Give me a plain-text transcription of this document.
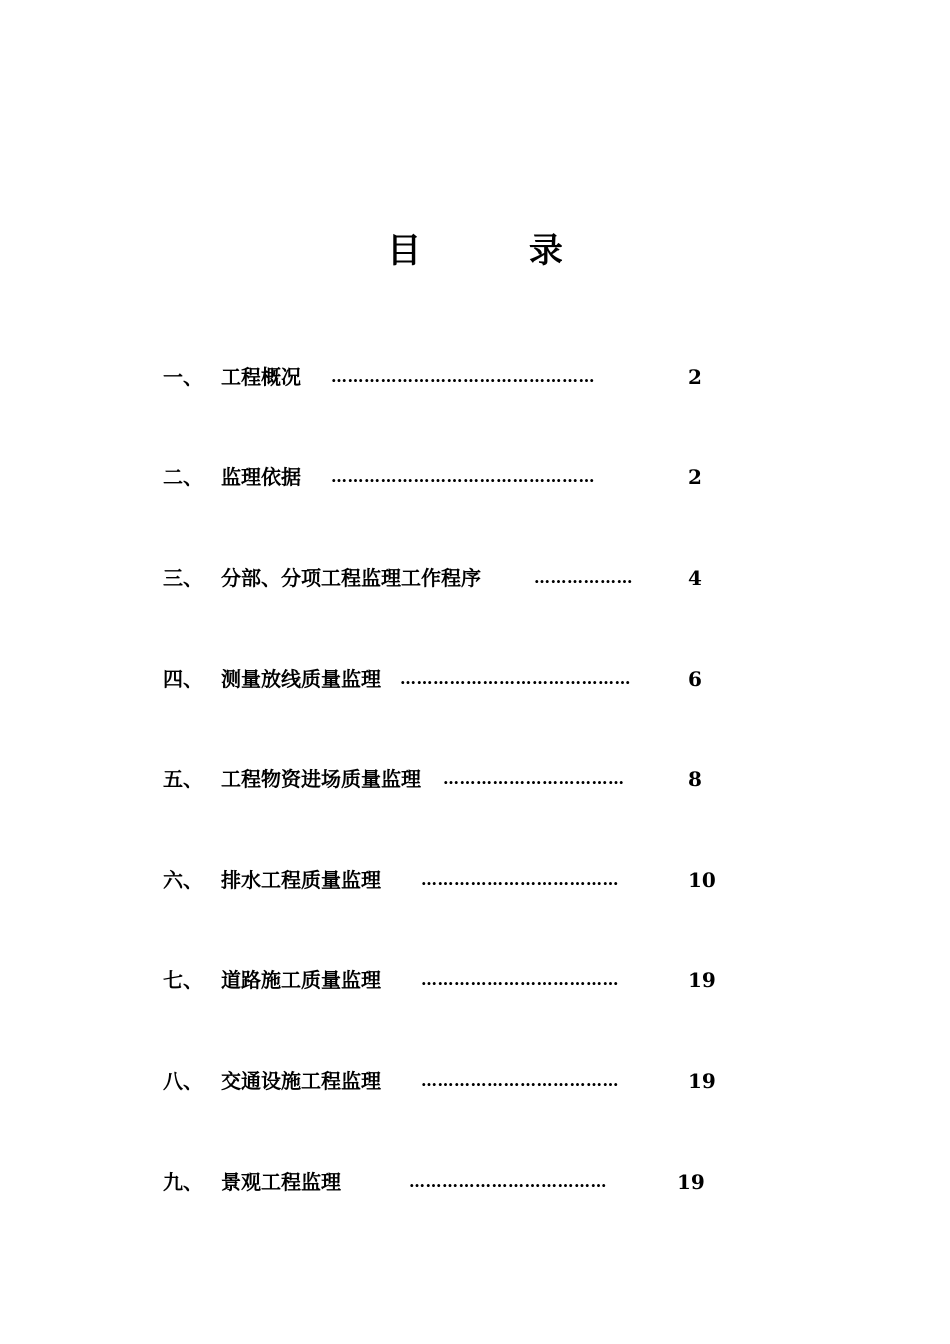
目 录
一、 工程概况 …………………………………………	2
二、 监理依据 …………………………………………	2
三、 分部、分项工程监理工作程序	………………	4
四、 测量放线质量监理 ……………………………………	6
五、 工程物资进场质量监理 ……………………………	8
六、 排水工程质量监理	………………………………	10
七、 道路施工质量监理	………………………………	19
八、 交通设施工程监理	………………………………	19
九、 景观工程监理	………………………………	19
